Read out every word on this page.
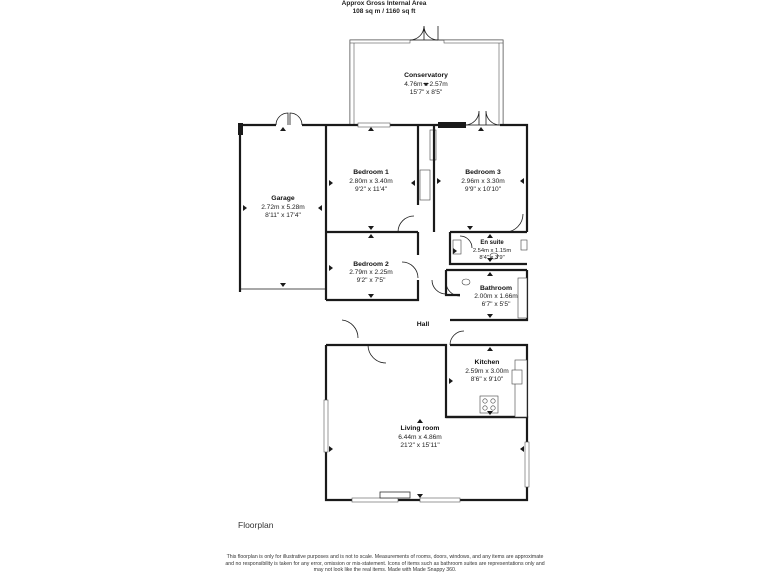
Approx Gross Internal Area
108 sq m / 1160 sq ft
Conservatory
4.76m x 2.57m
15'7" x 8'5"
Garage
2.72m x 5.28m
8'11" x 17'4"
Bedroom 1
2.80m x 3.40m
9'2" x 11'4"
Bedroom 3
2.96m x 3.30m
9'9" x 10'10"
En suite
2.54m x 1.15m
8'4" x 3'9"
Bedroom 2
2.79m x 2.25m
9'2" x 7'5"
Bathroom
2.00m x 1.66m
6'7" x 5'5"
Hall
Kitchen
2.59m x 3.00m
8'6" x 9'10"
Living room
6.44m x 4.86m
21'2" x 15'11"
Floorplan
This floorplan is only for illustrative purposes and is not to scale. Measurements of rooms, doors, windows, and any items are approximate
and no responsibility is taken for any error, omission or mis-statement. Icons of items such as bathroom suites are representations only and
may not look like the real items. Made with Made Snappy 360.
